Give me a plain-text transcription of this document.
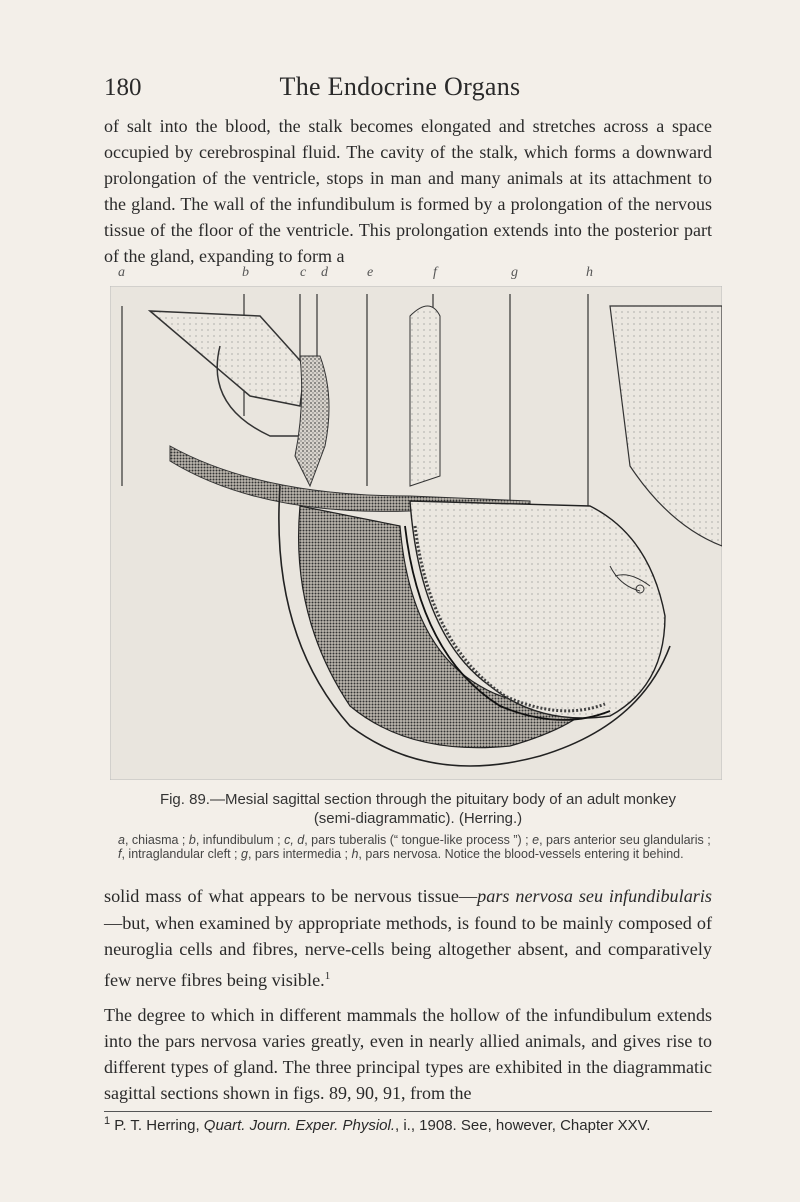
180	The Endocrine Organs

of salt into the blood, the stalk becomes elongated and stretches across a space occupied by cerebrospinal fluid. The cavity of the stalk, which forms a downward prolongation of the ventricle, stops in man and many animals at its attachment to the gland. The wall of the infundibulum is formed by a prolongation of the nervous tissue of the floor of the ventricle. This prolongation extends into the posterior part of the gland, expanding to form a

a	b	c d	e	f	g	h

Fig. 89.—Mesial sagittal section through the pituitary body of an adult monkey
(semi-diagrammatic). (Herring.)

a, chiasma ; b, infundibulum ; c, d, pars tuberalis (“ tongue-like process ”) ; e, pars anterior seu glandularis ; f, intraglandular cleft ; g, pars intermedia ; h, pars nervosa. Notice the blood-vessels entering it behind.

solid mass of what appears to be nervous tissue—pars nervosa seu infundibularis —but, when examined by appropriate methods, is found to be mainly composed of neuroglia cells and fibres, nerve-cells being altogether absent, and comparatively few nerve fibres being visible.$^1$

The degree to which in different mammals the hollow of the infundibulum extends into the pars nervosa varies greatly, even in nearly allied animals, and gives rise to different types of gland. The three principal types are exhibited in the diagrammatic sagittal sections shown in figs. 89, 90, 91, from the

$^1$ P. T. Herring, Quart. Journ. Exper. Physiol., i., 1908. See, however, Chapter XXV.
